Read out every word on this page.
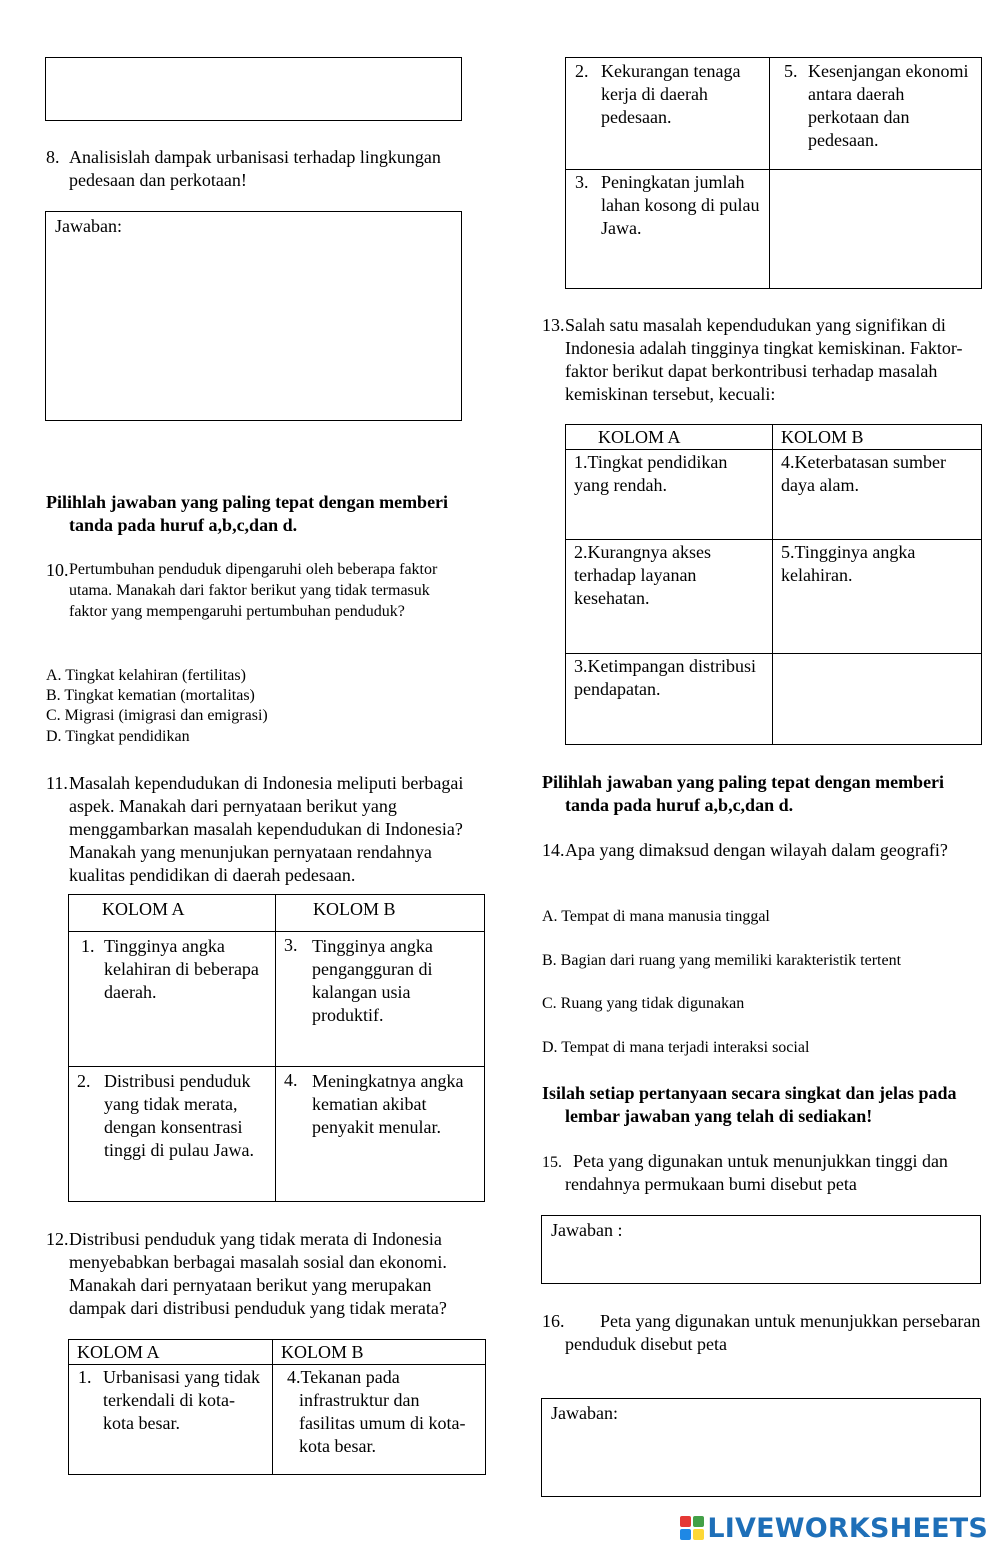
8. Analisislah dampak urbanisasi terhadap lingkungan pedesaan dan perkotaan!
Jawaban:
Pilihlah jawaban yang paling tepat dengan memberi tanda pada huruf a,b,c,dan d.
10. Pertumbuhan penduduk dipengaruhi oleh beberapa faktor utama. Manakah dari faktor berikut yang tidak termasuk faktor yang mempengaruhi pertumbuhan penduduk?
A. Tingkat kelahiran (fertilitas)
B. Tingkat kematian (mortalitas)
C. Migrasi (imigrasi dan emigrasi)
D. Tingkat pendidikan
11. Masalah kependudukan di Indonesia meliputi berbagai aspek. Manakah dari pernyataan berikut yang menggambarkan masalah kependudukan di Indonesia?Manakah yang menunjukan pernyataan rendahnya kualitas pendidikan di daerah pedesaan.
KOLOM A	KOLOM B

1. Tingginya angka kelahiran di beberapa daerah.	3. Tingginya angka pengangguran di kalangan usia produktif.

2. Distribusi penduduk yang tidak merata, dengan konsentrasi tinggi di pulau Jawa.	4. Meningkatnya angka kematian akibat penyakit menular.
12. Distribusi penduduk yang tidak merata di Indonesia menyebabkan berbagai masalah sosial dan ekonomi. Manakah dari pernyataan berikut yang merupakan dampak dari distribusi penduduk yang tidak merata?
KOLOM A	KOLOM B

1. Urbanisasi yang tidak terkendali di kota-kota besar.	4.Tekanan pada infrastruktur dan fasilitas umum di kota-kota besar.
2. Kekurangan tenaga kerja di daerah pedesaan.	5. Kesenjangan ekonomi antara daerah perkotaan dan pedesaan.

3. Peningkatan jumlah lahan kosong di pulau Jawa.	

13. Salah satu masalah kependudukan yang signifikan di Indonesia adalah tingginya tingkat kemiskinan. Faktor-faktor berikut dapat berkontribusi terhadap masalah kemiskinan tersebut, kecuali:
KOLOM A	KOLOM B

1.Tingkat pendidikan yang rendah.	4.Keterbatasan sumber daya alam.

2.Kurangnya akses terhadap layanan kesehatan.	5.Tingginya angka kelahiran.

3.Ketimpangan distribusi pendapatan.	

Pilihlah jawaban yang paling tepat dengan memberi tanda pada huruf a,b,c,dan d.
14. Apa yang dimaksud dengan wilayah dalam geografi?
A. Tempat di mana manusia tinggal
B. Bagian dari ruang yang memiliki karakteristik tertent
C. Ruang yang tidak digunakan
D. Tempat di mana terjadi interaksi social
Isilah setiap pertanyaan secara singkat dan jelas pada lembar jawaban yang telah di sediakan!
15. Peta yang digunakan untuk menunjukkan tinggi dan rendahnya permukaan bumi disebut peta
Jawaban :
16.	Peta yang digunakan untuk menunjukkan persebaran penduduk disebut peta
Jawaban:
LIVEWORKSHEETS
